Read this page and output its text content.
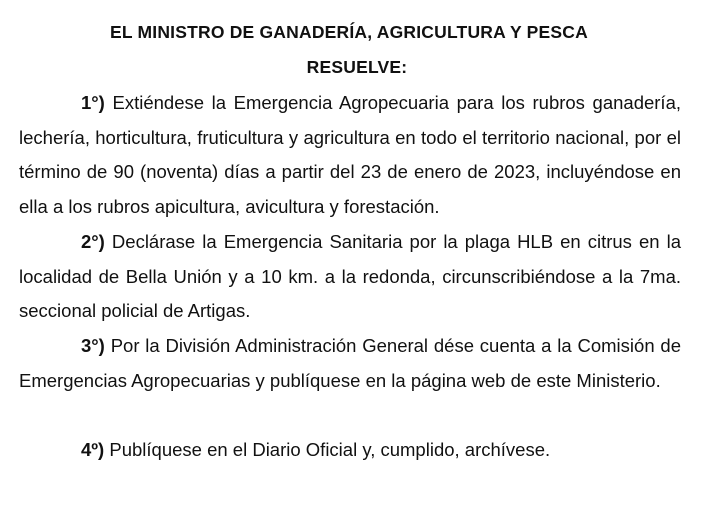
EL MINISTRO DE GANADERÍA, AGRICULTURA Y PESCA
RESUELVE:

1°) Extiéndese la Emergencia Agropecuaria para los rubros ganadería, lechería, horticultura, fruticultura y agricultura en todo el territorio nacional, por el término de 90 (noventa) días a partir del 23 de enero de 2023, incluyéndose en ella a los rubros apicultura, avicultura y forestación.

2°) Declárase la Emergencia Sanitaria por la plaga HLB en citrus en la localidad de Bella Unión y a 10 km. a la redonda, circunscribiéndose a la 7ma. seccional policial de Artigas.

3°) Por la División Administración General dése cuenta a la Comisión de Emergencias Agropecuarias y publíquese en la página web de este Ministerio.

4º) Publíquese en el Diario Oficial y, cumplido, archívese.
